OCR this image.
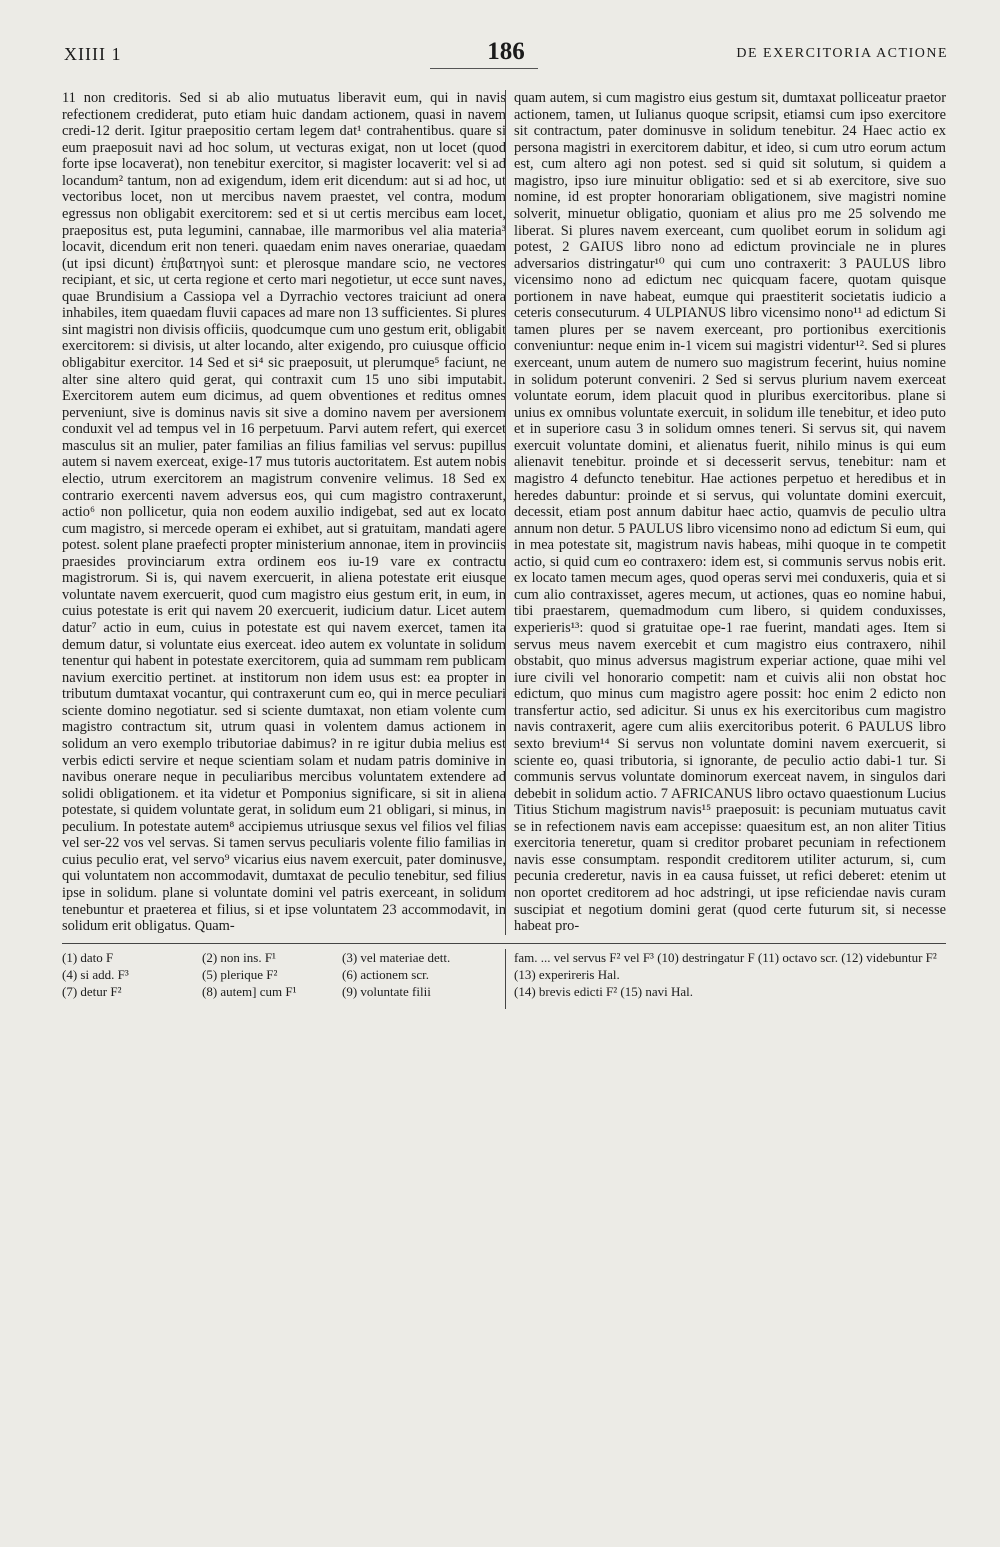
XIIII 1	186	DE EXERCITORIA ACTIONE

11 non creditoris. Sed si ab alio mutuatus liberavit eum, qui in navis refectionem crediderat, puto etiam huic dandam actionem, quasi in navem credi-12 derit. Igitur praepositio certam legem dat¹ contrahentibus. quare si eum praeposuit navi ad hoc solum, ut vecturas exigat, non ut locet (quod forte ipse locaverat), non tenebitur exercitor, si magister locaverit: vel si ad locandum² tantum, non ad exigendum, idem erit dicendum: aut si ad hoc, ut vectoribus locet, non ut mercibus navem praestet, vel contra, modum egressus non obligabit exercitorem: sed et si ut certis mercibus eam locet, praepositus est, puta legumini, cannabae, ille marmoribus vel alia materia³ locavit, dicendum erit non teneri. quaedam enim naves onerariae, quaedam (ut ipsi dicunt) ἐπιβατηγοὶ sunt: et plerosque mandare scio, ne vectores recipiant, et sic, ut certa regione et certo mari negotietur, ut ecce sunt naves, quae Brundisium a Cassiopa vel a Dyrrachio vectores traiciunt ad onera inhabiles, item quaedam fluvii capaces ad mare non 13 sufficientes. Si plures sint magistri non divisis officiis, quodcumque cum uno gestum erit, obligabit exercitorem: si divisis, ut alter locando, alter exigendo, pro cuiusque officio obligabitur exercitor. 14 Sed et si⁴ sic praeposuit, ut plerumque⁵ faciunt, ne alter sine altero quid gerat, qui contraxit cum 15 uno sibi imputabit. Exercitorem autem eum dicimus, ad quem obventiones et reditus omnes perveniunt, sive is dominus navis sit sive a domino navem per aversionem conduxit vel ad tempus vel in 16 perpetuum. Parvi autem refert, qui exercet masculus sit an mulier, pater familias an filius familias vel servus: pupillus autem si navem exerceat, exige-17 mus tutoris auctoritatem. Est autem nobis electio, utrum exercitorem an magistrum convenire velimus. 18 Sed ex contrario exercenti navem adversus eos, qui cum magistro contraxerunt, actio⁶ non pollicetur, quia non eodem auxilio indigebat, sed aut ex locato cum magistro, si mercede operam ei exhibet, aut si gratuitam, mandati agere potest. solent plane praefecti propter ministerium annonae, item in provinciis praesides provinciarum extra ordinem eos iu-19 vare ex contractu magistrorum. Si is, qui navem exercuerit, in aliena potestate erit eiusque voluntate navem exercuerit, quod cum magistro eius gestum erit, in eum, in cuius potestate is erit qui navem 20 exercuerit, iudicium datur. Licet autem datur⁷ actio in eum, cuius in potestate est qui navem exercet, tamen ita demum datur, si voluntate eius exerceat. ideo autem ex voluntate in solidum tenentur qui habent in potestate exercitorem, quia ad summam rem publicam navium exercitio pertinet. at institorum non idem usus est: ea propter in tributum dumtaxat vocantur, qui contraxerunt cum eo, qui in merce peculiari sciente domino negotiatur. sed si sciente dumtaxat, non etiam volente cum magistro contractum sit, utrum quasi in volentem damus actionem in solidum an vero exemplo tributoriae dabimus? in re igitur dubia melius est verbis edicti servire et neque scientiam solam et nudam patris dominive in navibus onerare neque in peculiaribus mercibus voluntatem extendere ad solidi obligationem. et ita videtur et Pomponius significare, si sit in aliena potestate, si quidem voluntate gerat, in solidum eum 21 obligari, si minus, in peculium. In potestate autem⁸ accipiemus utriusque sexus vel filios vel filias vel ser-22 vos vel servas. Si tamen servus peculiaris volente filio familias in cuius peculio erat, vel servo⁹ vicarius eius navem exercuit, pater dominusve, qui voluntatem non accommodavit, dumtaxat de peculio tenebitur, sed filius ipse in solidum. plane si voluntate domini vel patris exerceant, in solidum tenebuntur et praeterea et filius, si et ipse voluntatem 23 accommodavit, in solidum erit obligatus. Quam-

quam autem, si cum magistro eius gestum sit, dumtaxat polliceatur praetor actionem, tamen, ut Iulianus quoque scripsit, etiamsi cum ipso exercitore sit contractum, pater dominusve in solidum tenebitur. 24 Haec actio ex persona magistri in exercitorem dabitur, et ideo, si cum utro eorum actum est, cum altero agi non potest. sed si quid sit solutum, si quidem a magistro, ipso iure minuitur obligatio: sed et si ab exercitore, sive suo nomine, id est propter honorariam obligationem, sive magistri nomine solverit, minuetur obligatio, quoniam et alius pro me 25 solvendo me liberat. Si plures navem exerceant, cum quolibet eorum in solidum agi potest, 2 GAIUS libro nono ad edictum provinciale ne in plures adversarios distringatur¹⁰ qui cum uno contraxerit: 3 PAULUS libro vicensimo nono ad edictum nec quicquam facere, quotam quisque portionem in nave habeat, eumque qui praestiterit societatis iudicio a ceteris consecuturum. 4 ULPIANUS libro vicensimo nono¹¹ ad edictum Si tamen plures per se navem exerceant, pro portionibus exercitionis conveniuntur: neque enim in-1 vicem sui magistri videntur¹². Sed si plures exerceant, unum autem de numero suo magistrum fecerint, huius nomine in solidum poterunt conveniri. 2 Sed si servus plurium navem exerceat voluntate eorum, idem placuit quod in pluribus exercitoribus. plane si unius ex omnibus voluntate exercuit, in solidum ille tenebitur, et ideo puto et in superiore casu 3 in solidum omnes teneri. Si servus sit, qui navem exercuit voluntate domini, et alienatus fuerit, nihilo minus is qui eum alienavit tenebitur. proinde et si decesserit servus, tenebitur: nam et magistro 4 defuncto tenebitur. Hae actiones perpetuo et heredibus et in heredes dabuntur: proinde et si servus, qui voluntate domini exercuit, decessit, etiam post annum dabitur haec actio, quamvis de peculio ultra annum non detur. 5 PAULUS libro vicensimo nono ad edictum Si eum, qui in mea potestate sit, magistrum navis habeas, mihi quoque in te competit actio, si quid cum eo contraxero: idem est, si communis servus nobis erit. ex locato tamen mecum ages, quod operas servi mei conduxeris, quia et si cum alio contraxisset, ageres mecum, ut actiones, quas eo nomine habui, tibi praestarem, quemadmodum cum libero, si quidem conduxisses, experieris¹³: quod si gratuitae ope-1 rae fuerint, mandati ages. Item si servus meus navem exercebit et cum magistro eius contraxero, nihil obstabit, quo minus adversus magistrum experiar actione, quae mihi vel iure civili vel honorario competit: nam et cuivis alii non obstat hoc edictum, quo minus cum magistro agere possit: hoc enim 2 edicto non transfertur actio, sed adicitur. Si unus ex his exercitoribus cum magistro navis contraxerit, agere cum aliis exercitoribus poterit. 6 PAULUS libro sexto brevium¹⁴ Si servus non voluntate domini navem exercuerit, si sciente eo, quasi tributoria, si ignorante, de peculio actio dabi-1 tur. Si communis servus voluntate dominorum exerceat navem, in singulos dari debebit in solidum actio. 7 AFRICANUS libro octavo quaestionum Lucius Titius Stichum magistrum navis¹⁵ praeposuit: is pecuniam mutuatus cavit se in refectionem navis eam accepisse: quaesitum est, an non aliter Titius exercitoria teneretur, quam si creditor probaret pecuniam in refectionem navis esse consumptam. respondit creditorem utiliter acturum, si, cum pecunia crederetur, navis in ea causa fuisset, ut refici deberet: etenim ut non oportet creditorem ad hoc adstringi, ut ipse reficiendae navis curam suscipiat et negotium domini gerat (quod certe futurum sit, si necesse habeat pro-

(1) dato F	(2) non ins. F¹	(3) vel materiae dett.
(4) si add. F³	(5) plerique F²	(6) actionem scr.
(7) detur F²	(8) autem] cum F¹	(9) voluntate filii
fam. ... vel servus F² vel F³ (10) destringatur F (11) octavo scr. (12) videbuntur F² (13) experireris Hal.
(14) brevis edicti F² (15) navi Hal.
